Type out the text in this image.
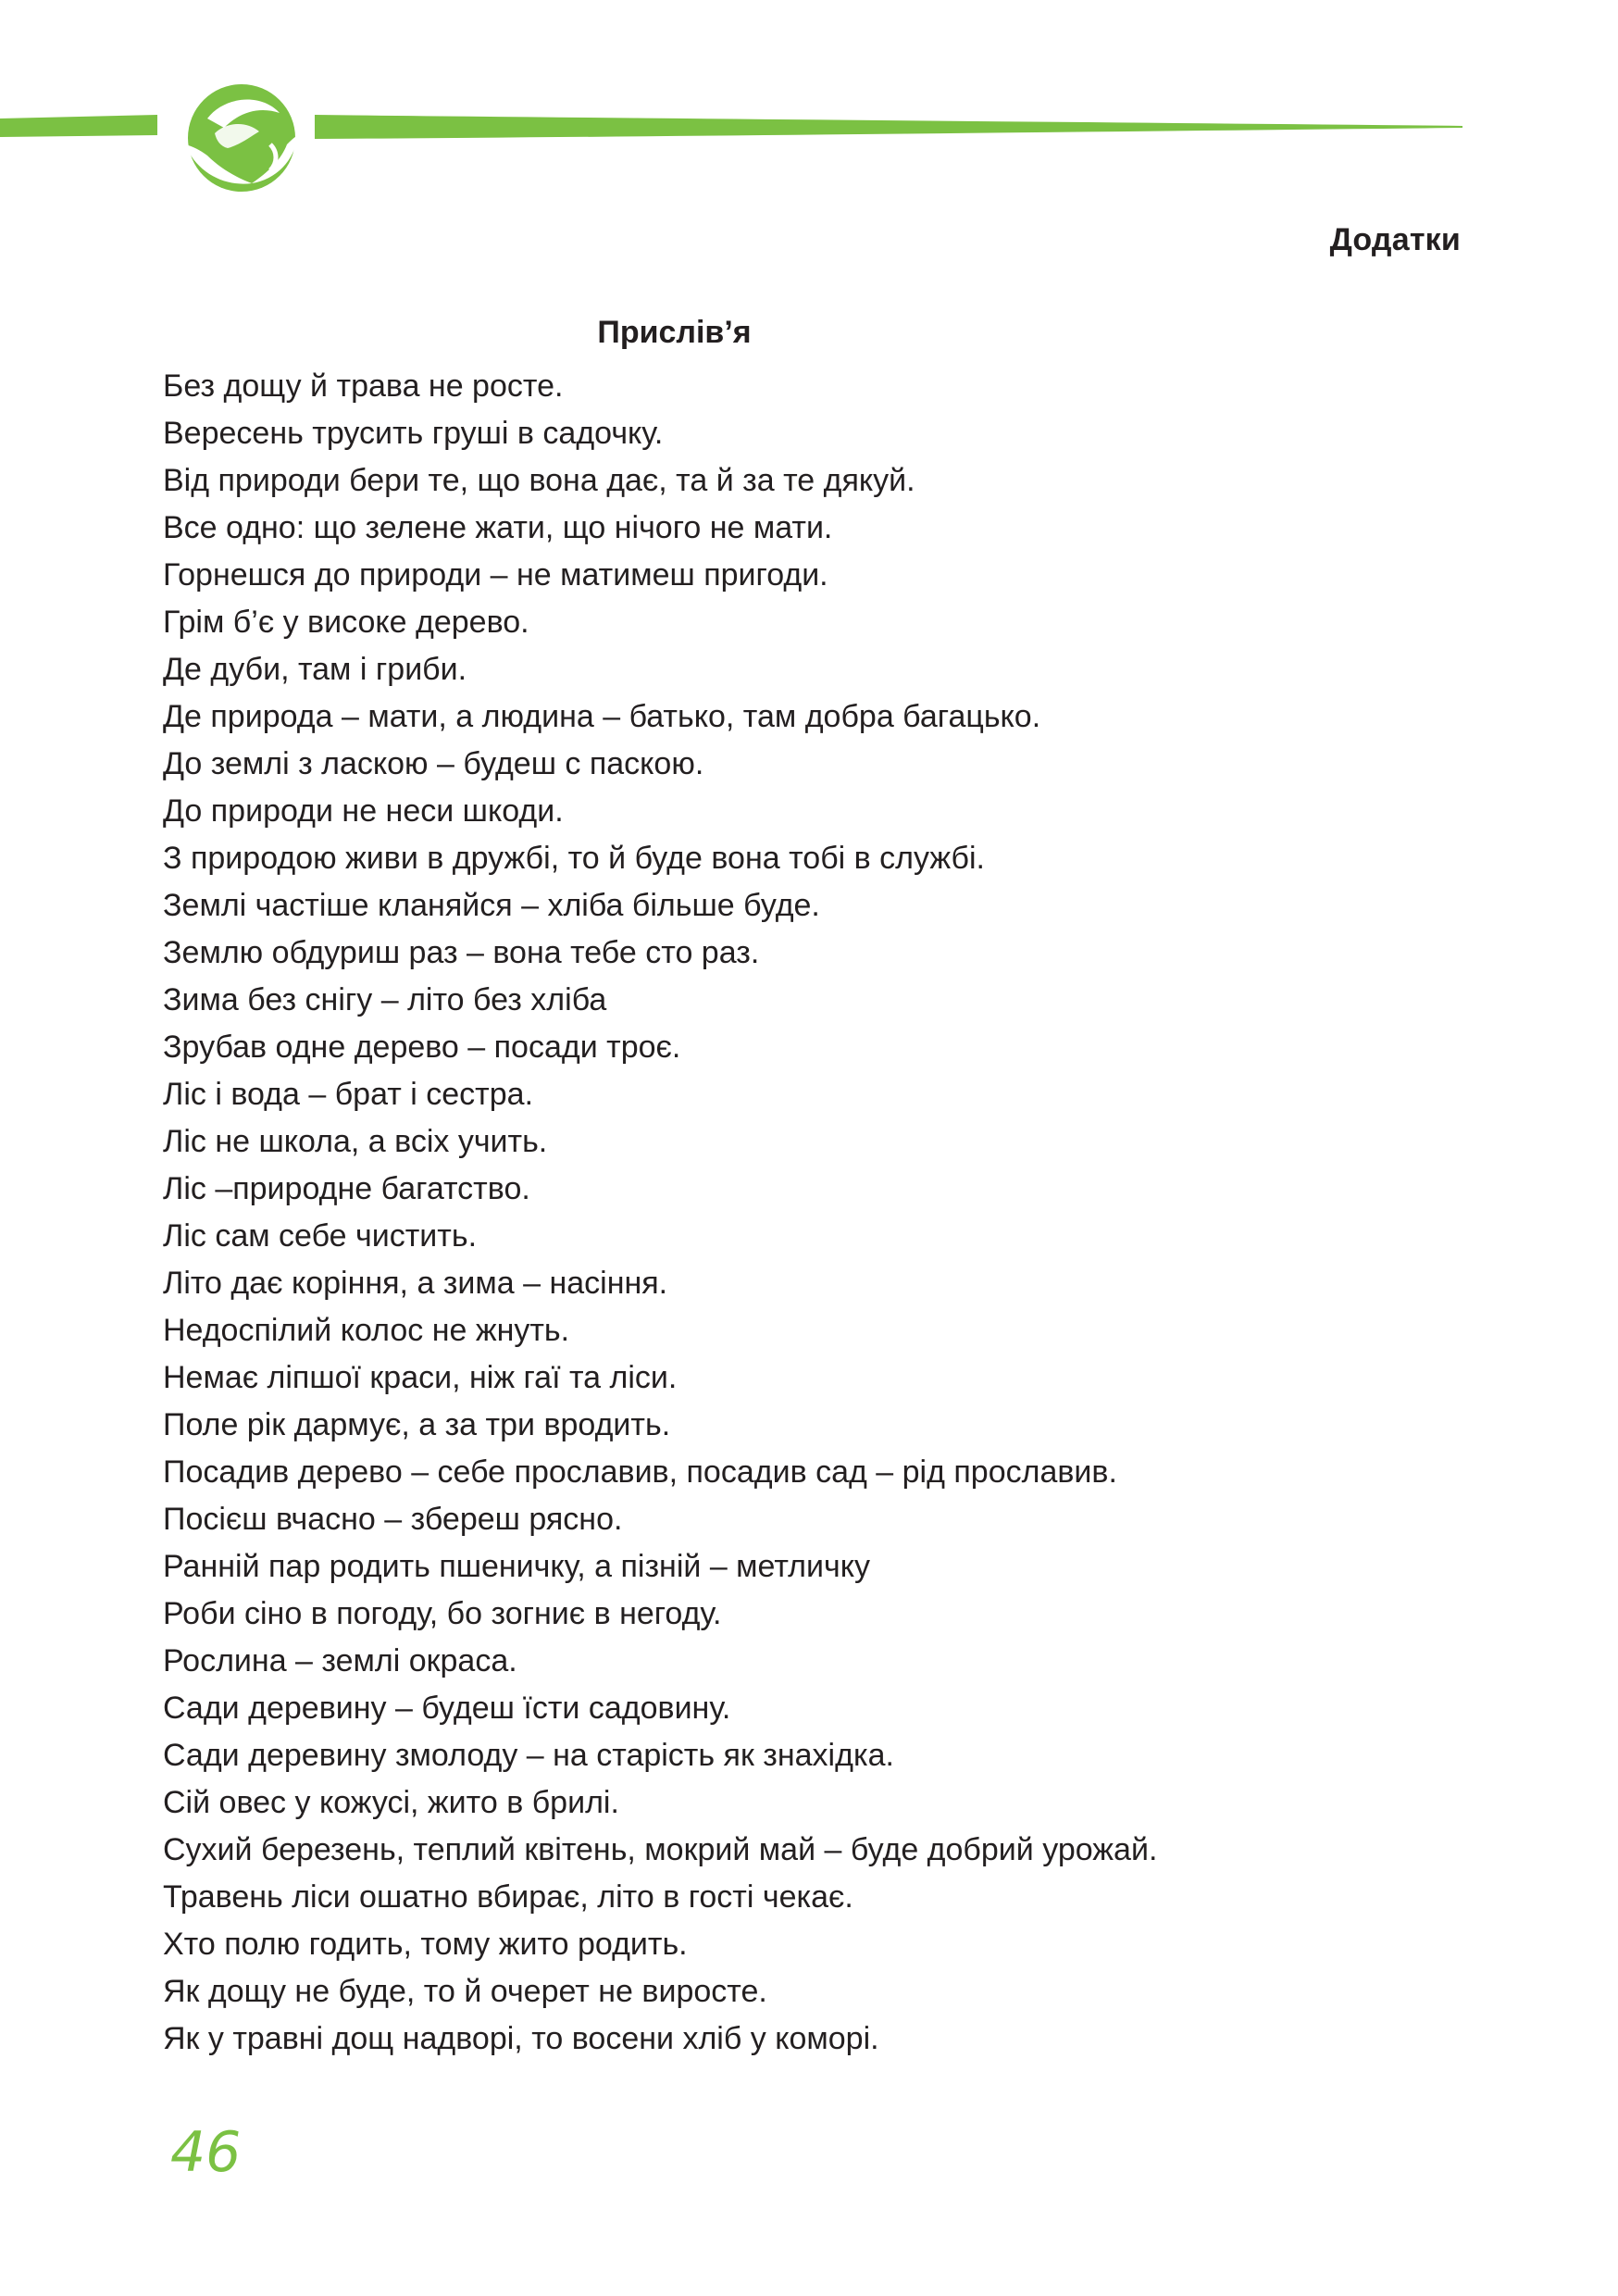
Додатки
Прислів’я
Без дощу й трава не росте.
Вересень трусить груші в садочку.
Від природи бери те, що вона дає, та й за те дякуй.
Все одно: що зелене жати, що нічого не мати.
Горнешся до природи – не матимеш пригоди.
Грім б’є у високе дерево.
Де дуби, там і гриби.
Де природа – мати, а людина – батько, там добра багацько.
До землі з ласкою – будеш с паскою.
До природи не неси шкоди.
З природою живи в дружбі, то й буде вона тобі в службі.
Землі частіше кланяйся – хліба більше буде.
Землю обдуриш раз – вона тебе сто раз.
Зима без снігу – літо без хліба
Зрубав одне дерево – посади троє.
Ліс і вода – брат і сестра.
Ліс не школа, а всіх учить.
Ліс –природне багатство.
Ліс сам себе чистить.
Літо дає коріння, а зима – насіння.
Недоспілий колос не жнуть.
Немає ліпшої краси, ніж гаї та ліси.
Поле рік дармує, а за три вродить.
Посадив дерево – себе прославив, посадив сад – рід прославив.
Посієш вчасно – збереш рясно.
Ранній пар родить пшеничку, а пізній – метличку
Роби сіно в погоду, бо зогниє в негоду.
Рослина – землі окраса.
Сади деревину – будеш їсти садовину.
Сади деревину змолоду – на старість як знахідка.
Сій овес у кожусі, жито в брилі.
Сухий березень, теплий квітень, мокрий май – буде добрий урожай.
Травень ліси ошатно вбирає, літо в гості чекає.
Хто полю годить, тому жито родить.
Як дощу не буде, то й очерет не виросте.
Як у травні дощ надворі, то восени хліб у коморі.
46
